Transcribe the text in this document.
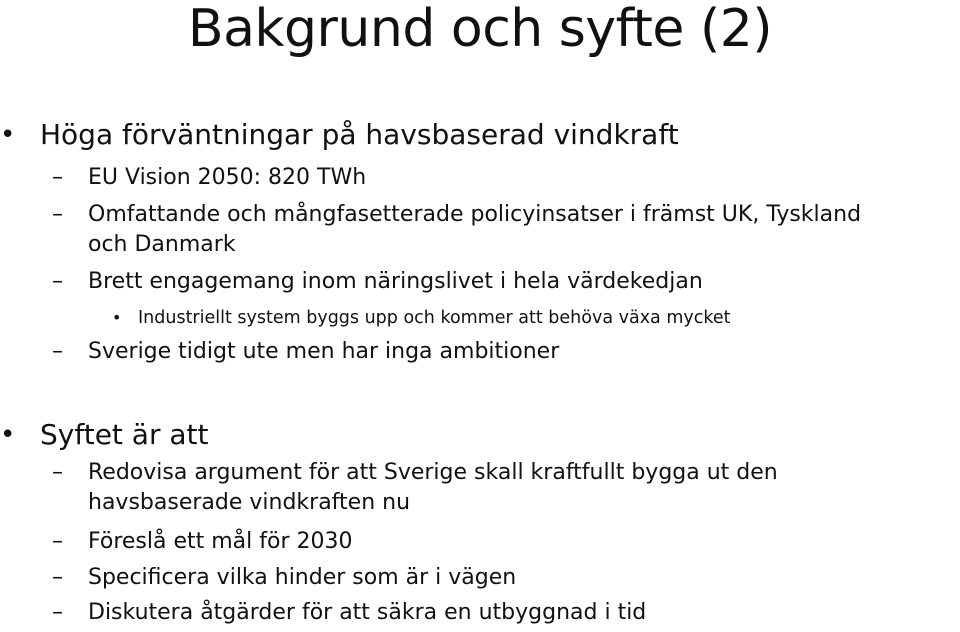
Bakgrund och syfte (2)
• Höga förväntningar på havsbaserad vindkraft
– EU Vision 2050: 820 TWh
– Omfattande och mångfasetterade policyinsatser i främst UK, Tyskland
och Danmark
– Brett engagemang inom näringslivet i hela värdekedjan
• Industriellt system byggs upp och kommer att behöva växa mycket
– Sverige tidigt ute men har inga ambitioner
• Syftet är att
– Redovisa argument för att Sverige skall kraftfullt bygga ut den
havsbaserade vindkraften nu
– Föreslå ett mål för 2030
– Specificera vilka hinder som är i vägen
– Diskutera åtgärder för att säkra en utbyggnad i tid
